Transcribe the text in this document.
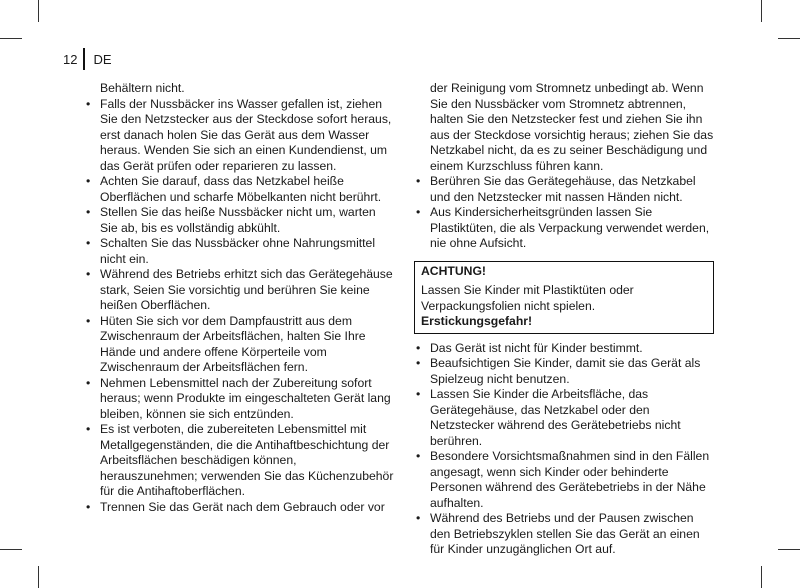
12 DE
Behältern nicht.
• Falls der Nussbäcker ins Wasser gefallen ist, ziehen Sie den Netzstecker aus der Steckdose sofort heraus, erst danach holen Sie das Gerät aus dem Wasser heraus. Wenden Sie sich an einen Kundendienst, um das Gerät prüfen oder reparieren zu lassen.
• Achten Sie darauf, dass das Netzkabel heiße Oberflächen und scharfe Möbelkanten nicht berührt.
• Stellen Sie das heiße Nussbäcker nicht um, warten Sie ab, bis es vollständig abkühlt.
• Schalten Sie das Nussbäcker ohne Nahrungsmittel nicht ein.
• Während des Betriebs erhitzt sich das Gerätegehäuse stark, Seien Sie vorsichtig und berühren Sie keine heißen Oberflächen.
• Hüten Sie sich vor dem Dampfaustritt aus dem Zwischenraum der Arbeitsflächen, halten Sie Ihre Hände und andere offene Körperteile vom Zwischenraum der Arbeitsflächen fern.
• Nehmen Lebensmittel nach der Zubereitung sofort heraus; wenn Produkte im eingeschalteten Gerät lang bleiben, können sie sich entzünden.
• Es ist verboten, die zubereiteten Lebensmittel mit Metallgegenständen, die die Antihaftbeschichtung der Arbeitsflächen beschädigen können, herauszunehmen; verwenden Sie das Küchenzubehör für die Antihaftoberflächen.
• Trennen Sie das Gerät nach dem Gebrauch oder vor
der Reinigung vom Stromnetz unbedingt ab. Wenn Sie den Nussbäcker vom Stromnetz abtrennen, halten Sie den Netzstecker fest und ziehen Sie ihn aus der Steckdose vorsichtig heraus; ziehen Sie das Netzkabel nicht, da es zu seiner Beschädigung und einem Kurzschluss führen kann.
• Berühren Sie das Gerätegehäuse, das Netzkabel und den Netzstecker mit nassen Händen nicht.
• Aus Kindersicherheitsgründen lassen Sie Plastiktüten, die als Verpackung verwendet werden, nie ohne Aufsicht.
ACHTUNG!
Lassen Sie Kinder mit Plastiktüten oder Verpackungsfolien nicht spielen. Erstickungsgefahr!
• Das Gerät ist nicht für Kinder bestimmt.
• Beaufsichtigen Sie Kinder, damit sie das Gerät als Spielzeug nicht benutzen.
• Lassen Sie Kinder die Arbeitsfläche, das Gerätegehäuse, das Netzkabel oder den Netzstecker während des Gerätebetriebs nicht berühren.
• Besondere Vorsichtsmaßnahmen sind in den Fällen angesagt, wenn sich Kinder oder behinderte Personen während des Gerätebetriebs in der Nähe aufhalten.
• Während des Betriebs und der Pausen zwischen den Betriebszyklen stellen Sie das Gerät an einen für Kinder unzugänglichen Ort auf.
